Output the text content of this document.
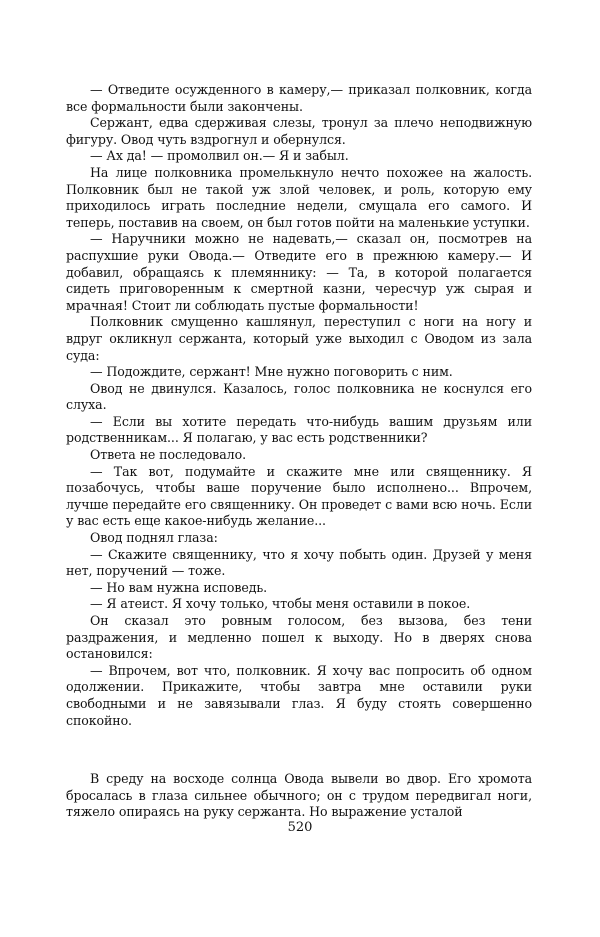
— Отведите осужденного в камеру,— приказал полковник, когда все формальности были закончены.

Сержант, едва сдерживая слезы, тронул за плечо неподвижную фигуру. Овод чуть вздрогнул и обернулся.

— Ах да! — промолвил он.— Я и забыл.

На лице полковника промелькнуло нечто похожее на жалость. Полковник был не такой уж злой человек, и роль, которую ему приходилось играть последние недели, смущала его самого. И теперь, поставив на своем, он был готов пойти на маленькие уступки.

— Наручники можно не надевать,— сказал он, посмотрев на распухшие руки Овода.— Отведите его в прежнюю камеру.— И добавил, обращаясь к племяннику: — Та, в которой полагается сидеть приговоренным к смертной казни, чересчур уж сырая и мрачная! Стоит ли соблюдать пустые формальности!

Полковник смущенно кашлянул, переступил с ноги на ногу и вдруг окликнул сержанта, который уже выходил с Оводом из зала суда:

— Подождите, сержант! Мне нужно поговорить с ним.

Овод не двинулся. Казалось, голос полковника не коснулся его слуха.

— Если вы хотите передать что-нибудь вашим друзьям или родственникам... Я полагаю, у вас есть родственники?

Ответа не последовало.

— Так вот, подумайте и скажите мне или священнику. Я позабочусь, чтобы ваше поручение было исполнено... Впрочем, лучше передайте его священнику. Он проведет с вами всю ночь. Если у вас есть еще какое-нибудь желание...

Овод поднял глаза:

— Скажите священнику, что я хочу побыть один. Друзей у меня нет, поручений — тоже.

— Но вам нужна исповедь.

— Я атеист. Я хочу только, чтобы меня оставили в покое.

Он сказал это ровным голосом, без вызова, без тени раздражения, и медленно пошел к выходу. Но в дверях снова остановился:

— Впрочем, вот что, полковник. Я хочу вас попросить об одном одолжении. Прикажите, чтобы завтра мне оставили руки свободными и не завязывали глаз. Я буду стоять совершенно спокойно.

В среду на восходе солнца Овода вывели во двор. Его хромота бросалась в глаза сильнее обычного; он с трудом передвигал ноги, тяжело опираясь на руку сержанта. Но выражение усталой

520
